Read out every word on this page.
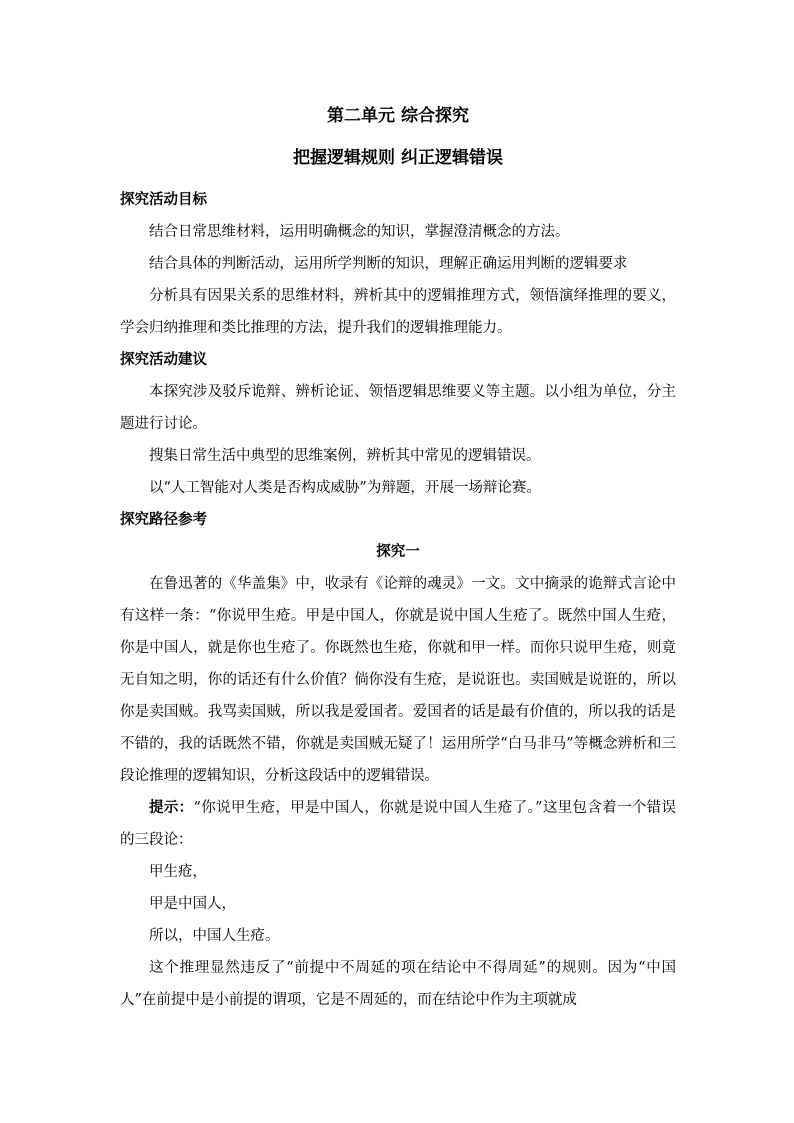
第二单元 综合探究
把握逻辑规则 纠正逻辑错误

探究活动目标

结合日常思维材料，运用明确概念的知识，掌握澄清概念的方法。

结合具体的判断活动，运用所学判断的知识，理解正确运用判断的逻辑要求

分析具有因果关系的思维材料，辨析其中的逻辑推理方式，领悟演绎推理的要义，学会归纳推理和类比推理的方法，提升我们的逻辑推理能力。

探究活动建议

本探究涉及驳斥诡辩、辨析论证、领悟逻辑思维要义等主题。以小组为单位，分主题进行讨论。

搜集日常生活中典型的思维案例，辨析其中常见的逻辑错误。

以“人工智能对人类是否构成威胁”为辩题，开展一场辩论赛。

探究路径参考

探究一

在鲁迅著的《华盖集》中，收录有《论辩的魂灵》一文。文中摘录的诡辩式言论中有这样一条：“你说甲生疮。甲是中国人，你就是说中国人生疮了。既然中国人生疮，你是中国人，就是你也生疮了。你既然也生疮，你就和甲一样。而你只说甲生疮，则竟无自知之明，你的话还有什么价值？倘你没有生疮，是说诳也。卖国贼是说诳的，所以你是卖国贼。我骂卖国贼，所以我是爱国者。爱国者的话是最有价值的，所以我的话是不错的，我的话既然不错，你就是卖国贼无疑了！运用所学“白马非马”等概念辨析和三段论推理的逻辑知识，分析这段话中的逻辑错误。

提示：“你说甲生疮，甲是中国人，你就是说中国人生疮了。”这里包含着一个错误的三段论：

甲生疮，

甲是中国人，

所以，中国人生疮。

这个推理显然违反了“前提中不周延的项在结论中不得周延”的规则。因为“中国人”在前提中是小前提的谓项，它是不周延的，而在结论中作为主项就成
